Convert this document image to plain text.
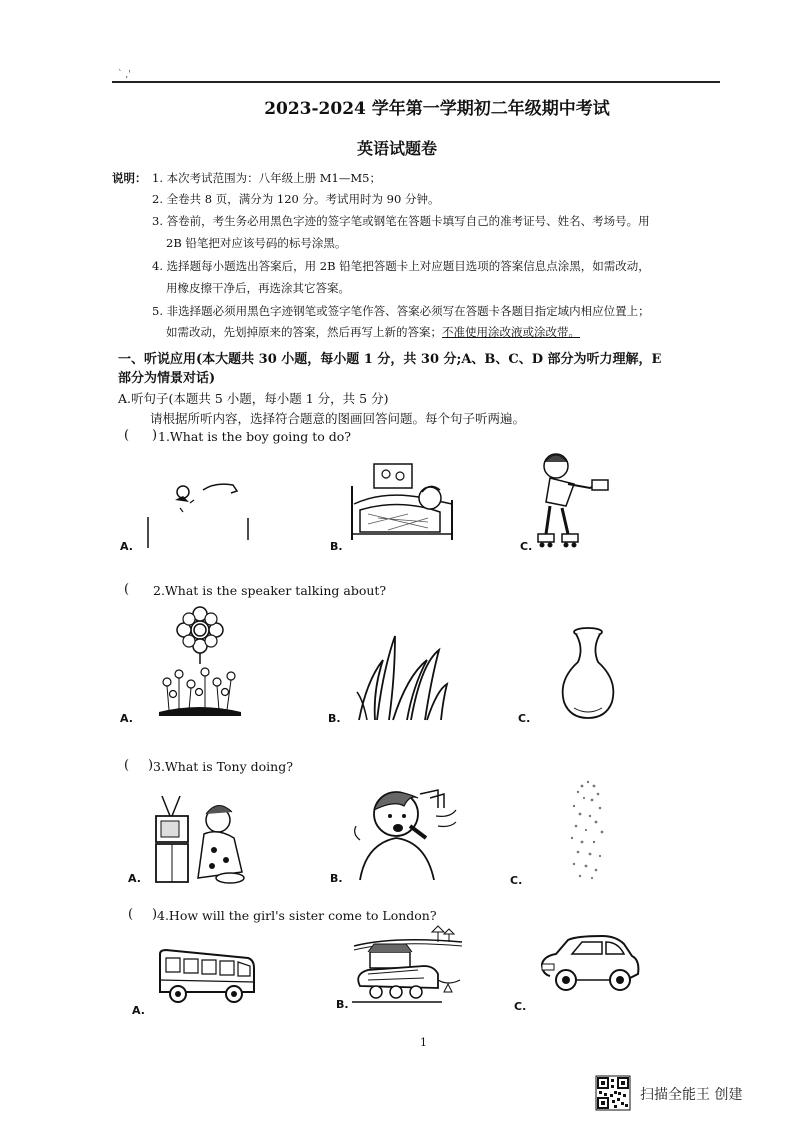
` ,'
2023-2024 学年第一学期初二年级期中考试
英语试题卷
说明： 1. 本次考试范围为：八年级上册 M1—M5；
2. 全卷共 8 页，满分为 120 分。考试用时为 90 分钟。
3. 答卷前，考生务必用黑色字迹的签字笔或钢笔在答题卡填写自己的准考证号、姓名、考场号。用
2B 铅笔把对应该号码的标号涂黑。
4. 选择题每小题选出答案后，用 2B 铅笔把答题卡上对应题目选项的答案信息点涂黑，如需改动，
用橡皮擦干净后，再选涂其它答案。
5. 非选择题必须用黑色字迹钢笔或签字笔作答、答案必须写在答题卡各题目指定域内相应位置上；
如需改动，先划掉原来的答案，然后再写上新的答案；不准使用涂改液或涂改带。
一、听说应用(本大题共 30 小题，每小题 1 分，共 30 分;A、B、C、D 部分为听力理解，E
部分为情景对话)
A.听句子(本题共 5 小题，每小题 1 分，共 5 分)
请根据所听内容，选择符合题意的图画回答问题。每个句子听两遍。
( ) 1.What is the boy going to do?
A.	B.	C.
( 2.What is the speaker talking about?
A.	B.	C.
( ) 3.What is Tony doing?
A.	B.	C.
( ) 4.How will the girl's sister come to London?
A.	B.	C.
1
扫描全能王 创建
